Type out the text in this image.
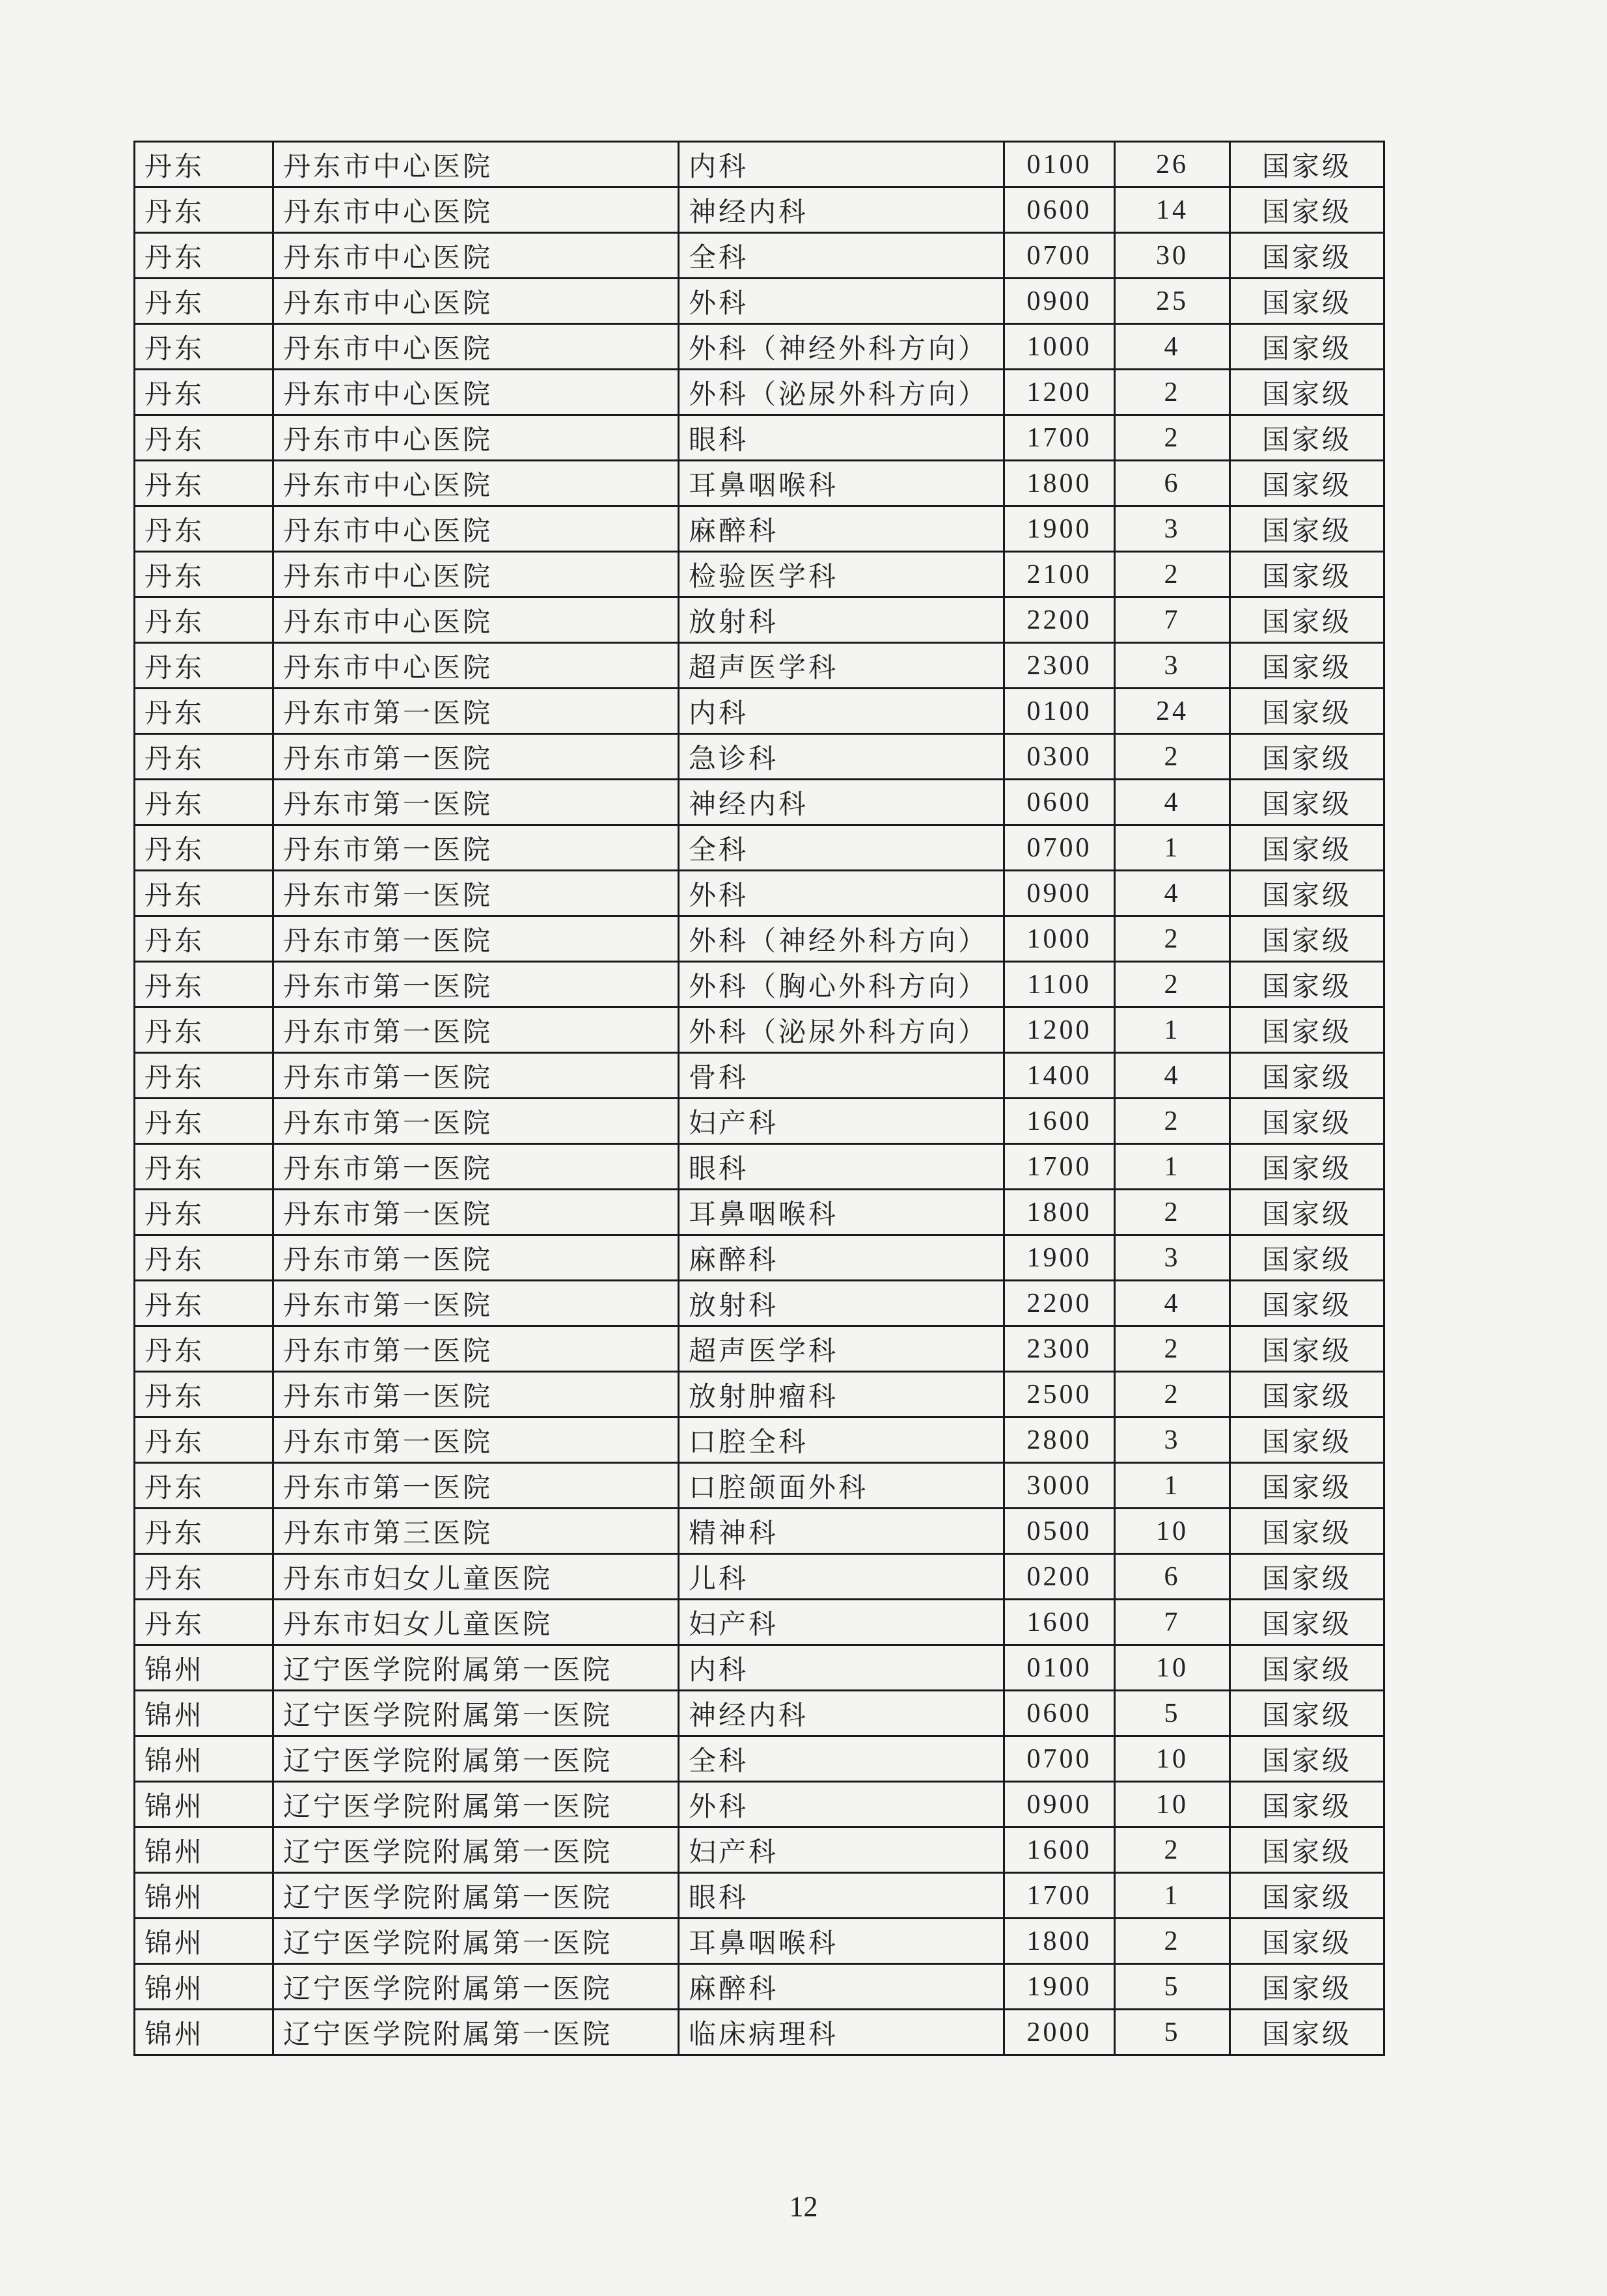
丹东	丹东市中心医院	内科	0100	26	国家级
丹东	丹东市中心医院	神经内科	0600	14	国家级
丹东	丹东市中心医院	全科	0700	30	国家级
丹东	丹东市中心医院	外科	0900	25	国家级
丹东	丹东市中心医院	外科（神经外科方向）	1000	4	国家级
丹东	丹东市中心医院	外科（泌尿外科方向）	1200	2	国家级
丹东	丹东市中心医院	眼科	1700	2	国家级
丹东	丹东市中心医院	耳鼻咽喉科	1800	6	国家级
丹东	丹东市中心医院	麻醉科	1900	3	国家级
丹东	丹东市中心医院	检验医学科	2100	2	国家级
丹东	丹东市中心医院	放射科	2200	7	国家级
丹东	丹东市中心医院	超声医学科	2300	3	国家级
丹东	丹东市第一医院	内科	0100	24	国家级
丹东	丹东市第一医院	急诊科	0300	2	国家级
丹东	丹东市第一医院	神经内科	0600	4	国家级
丹东	丹东市第一医院	全科	0700	1	国家级
丹东	丹东市第一医院	外科	0900	4	国家级
丹东	丹东市第一医院	外科（神经外科方向）	1000	2	国家级
丹东	丹东市第一医院	外科（胸心外科方向）	1100	2	国家级
丹东	丹东市第一医院	外科（泌尿外科方向）	1200	1	国家级
丹东	丹东市第一医院	骨科	1400	4	国家级
丹东	丹东市第一医院	妇产科	1600	2	国家级
丹东	丹东市第一医院	眼科	1700	1	国家级
丹东	丹东市第一医院	耳鼻咽喉科	1800	2	国家级
丹东	丹东市第一医院	麻醉科	1900	3	国家级
丹东	丹东市第一医院	放射科	2200	4	国家级
丹东	丹东市第一医院	超声医学科	2300	2	国家级
丹东	丹东市第一医院	放射肿瘤科	2500	2	国家级
丹东	丹东市第一医院	口腔全科	2800	3	国家级
丹东	丹东市第一医院	口腔颌面外科	3000	1	国家级
丹东	丹东市第三医院	精神科	0500	10	国家级
丹东	丹东市妇女儿童医院	儿科	0200	6	国家级
丹东	丹东市妇女儿童医院	妇产科	1600	7	国家级
锦州	辽宁医学院附属第一医院	内科	0100	10	国家级
锦州	辽宁医学院附属第一医院	神经内科	0600	5	国家级
锦州	辽宁医学院附属第一医院	全科	0700	10	国家级
锦州	辽宁医学院附属第一医院	外科	0900	10	国家级
锦州	辽宁医学院附属第一医院	妇产科	1600	2	国家级
锦州	辽宁医学院附属第一医院	眼科	1700	1	国家级
锦州	辽宁医学院附属第一医院	耳鼻咽喉科	1800	2	国家级
锦州	辽宁医学院附属第一医院	麻醉科	1900	5	国家级
锦州	辽宁医学院附属第一医院	临床病理科	2000	5	国家级
12
